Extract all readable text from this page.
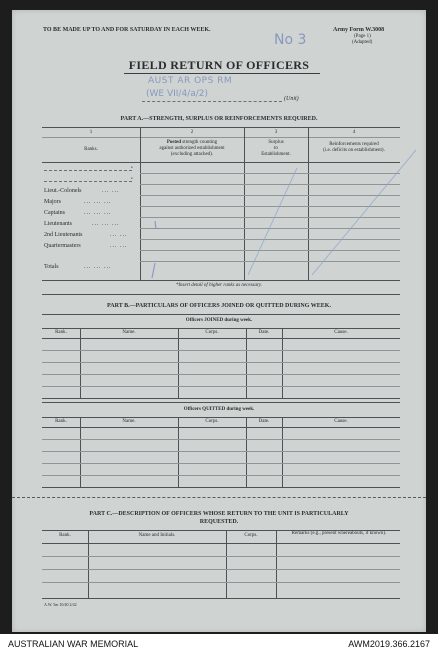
TO BE MADE UP TO AND FOR SATURDAY IN EACH WEEK.	Army Form W.3008
(Page 1)
(Adapted)
No 3
FIELD RETURN OF OFFICERS
AUST AR OPS RM
(WE VII/4/a/2)	(Unit)
PART A.—STRENGTH, SURPLUS OR REINFORCEMENTS REQUIRED.
1	2	3	4
Ranks.
Posted strength counting
against authorized establishment
(excluding attached).
Surplus
to
Establishment.
Reinforcements required
(i.e. deficits on establishment).
•
•
Lieut.-Colonels	... ...
Majors	... ... ...
Captains	... ... ...
Lieutenants	... ... ...
2nd Lieutenants	... ...
Quartermasters	... ...
Totals	... ... ...
*Insert detail of higher ranks as necessary.
PART B.—PARTICULARS OF OFFICERS JOINED OR QUITTED DURING WEEK.
Officers JOINED during week.
Rank.	Name.	Corps.	Date.	Cause.
Officers QUITTED during week.
Rank.	Name.	Corps.	Date.	Cause.
PART C.—DESCRIPTION OF OFFICERS WHOSE RETURN TO THE UNIT IS PARTICULARLY
REQUESTED.
Rank.	Name and Initials.	Corps.	Remarks (e.g., present whereabouts, if known).
A.W. 5m 10/40 2/42
AUSTRALIAN WAR MEMORIAL	AWM2019.366.2167
